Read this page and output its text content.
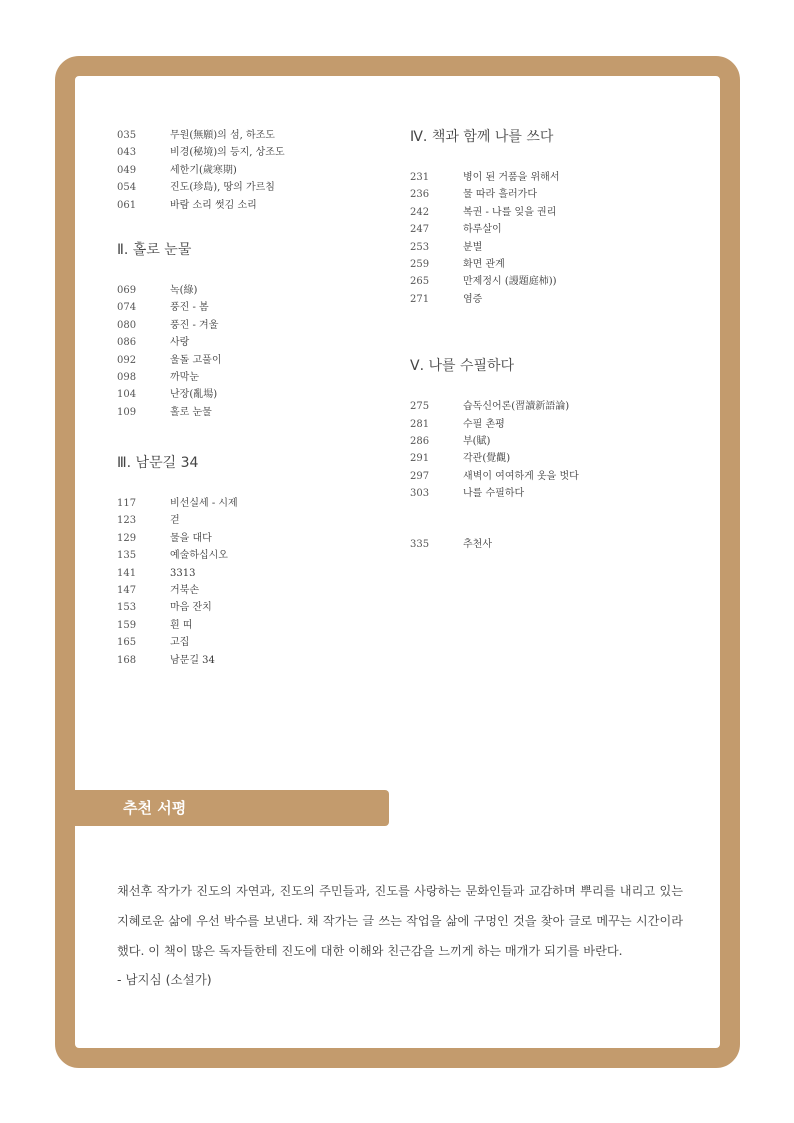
035	무원(無願)의 섬, 하조도
043	비경(秘境)의 등지, 상조도
049	세한기(歲寒期)
054	진도(珍島), 땅의 가르침
061	바람 소리 썻김 소리
Ⅱ. 홀로 눈물
069	녹(綠)
074	풍진 - 봄
080	풍진 - 겨울
086	사랑
092	울돌 고풀이
098	까막눈
104	난장(亂場)
109	홀로 눈물
Ⅲ. 남문길 34
117	비선실세 - 시제
123	걷
129	물을 대다
135	예술하십시오
141	3313
147	거북손
153	마음 잔치
159	흰 띠
165	고집
168	남문길 34
Ⅳ. 책과 함께 나를 쓰다
231	병이 된 거품을 위해서
236	물 따라 흘러가다
242	복권 - 나를 잊을 권리
247	하루살이
253	분별
259	화면 관계
265	만제정시 (謾題庭柿))
271	염증
Ⅴ. 나를 수필하다
275	습독신어론(習讀新語論)
281	수필 촌평
286	부(賦)
291	각관(覺觀)
297	새벽이 여여하게 옷을 벗다
303	나를 수필하다
335	추천사
추천 서평
채선후 작가가 진도의 자연과, 진도의 주민들과, 진도를 사랑하는 문화인들과 교감하며 뿌리를 내리고 있는 지혜로운 삶에 우선 박수를 보낸다. 채 작가는 글 쓰는 작업을 삶에 구멍인 것을 찾아 글로 메꾸는 시간이라 했다. 이 책이 많은 독자들한테 진도에 대한 이해와 친근감을 느끼게 하는 매개가 되기를 바란다.
- 남지심 (소설가)
